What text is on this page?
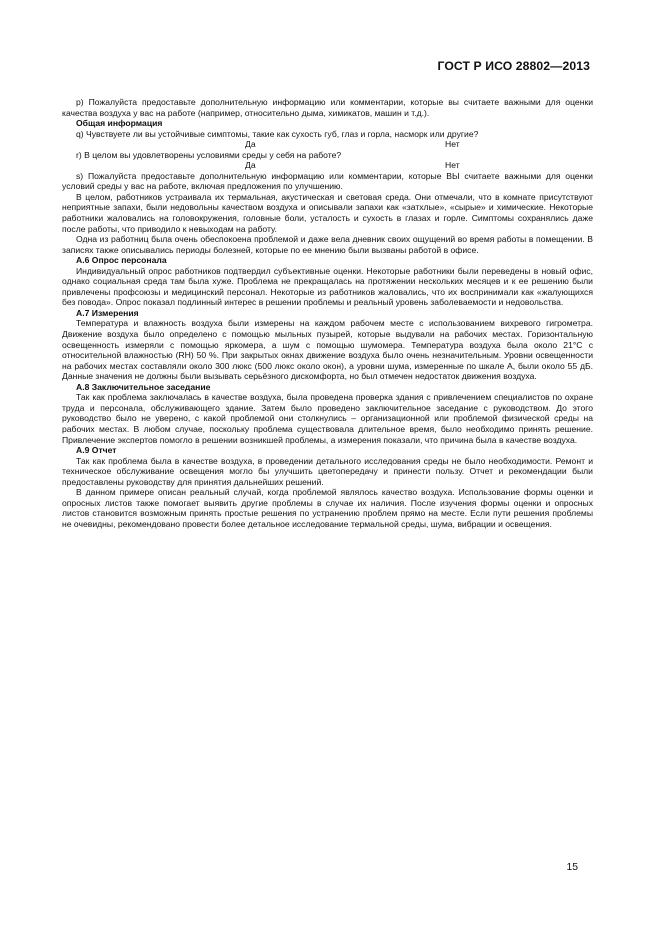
ГОСТ Р ИСО 28802—2013

р) Пожалуйста предоставьте дополнительную информацию или комментарии, которые вы считаете важными для оценки качества воздуха у вас на работе (например, относительно дыма, химикатов, машин и т.д.).

Общая информация

q) Чувствуете ли вы устойчивые симптомы, такие как сухость губ, глаз и горла, насморк или другие?

Да	Нет

r) В целом вы удовлетворены условиями среды у себя на работе?

Да	Нет

s) Пожалуйста предоставьте дополнительную информацию или комментарии, которые ВЫ считаете важными для оценки условий среды у вас на работе, включая предложения по улучшению.

В целом, работников устраивала их термальная, акустическая и световая среда. Они отмечали, что в комнате присутствуют неприятные запахи, были недовольны качеством воздуха и описывали запахи как «затхлые», «сырые» и химические. Некоторые работники жаловались на головокружения, головные боли, усталость и сухость в глазах и горле. Симптомы сохранялись даже после работы, что приводило к невыходам на работу.

Одна из работниц была очень обеспокоена проблемой и даже вела дневник своих ощущений во время работы в помещении. В записях также описывались периоды болезней, которые по ее мнению были вызваны работой в офисе.

А.6 Опрос персонала

Индивидуальный опрос работников подтвердил субъективные оценки. Некоторые работники были переведены в новый офис, однако социальная среда там была хуже. Проблема не прекращалась на протяжении нескольких месяцев и к ее решению были привлечены профсоюзы и медицинский персонал. Некоторые из работников жаловались, что их воспринимали как «жалующихся без повода». Опрос показал подлинный интерес в решении проблемы и реальный уровень заболеваемости и недовольства.

А.7 Измерения

Температура и влажность воздуха были измерены на каждом рабочем месте с использованием вихревого гигрометра. Движение воздуха было определено с помощью мыльных пузырей, которые выдували на рабочих местах. Горизонтальную освещенность измеряли с помощью яркомера, а шум с помощью шумомера. Температура воздуха была около 21°С с относительной влажностью (RH) 50 %. При закрытых окнах движение воздуха было очень незначительным. Уровни освещенности на рабочих местах составляли около 300 люкс (500 люкс около окон), а уровни шума, измеренные по шкале А, были около 55 дБ. Данные значения не должны были вызывать серьёзного дискомфорта, но был отмечен недостаток движения воздуха.

А.8 Заключительное заседание

Так как проблема заключалась в качестве воздуха, была проведена проверка здания с привлечением специалистов по охране труда и персонала, обслуживающего здание. Затем было проведено заключительное заседание с руководством. До этого руководство было не уверено, с какой проблемой они столкнулись – организационной или проблемой физической среды на рабочих местах. В любом случае, поскольку проблема существовала длительное время, было необходимо принять решение. Привлечение экспертов помогло в решении возникшей проблемы, а измерения показали, что причина была в качестве воздуха.

А.9 Отчет

Так как проблема была в качестве воздуха, в проведении детального исследования среды не было необходимости. Ремонт и техническое обслуживание освещения могло бы улучшить цветопередачу и принести пользу. Отчет и рекомендации были предоставлены руководству для принятия дальнейших решений.

В данном примере описан реальный случай, когда проблемой являлось качество воздуха. Использование формы оценки и опросных листов также помогает выявить другие проблемы в случае их наличия. После изучения формы оценки и опросных листов становится возможным принять простые решения по устранению проблем прямо на месте. Если пути решения проблемы не очевидны, рекомендовано провести более детальное исследование термальной среды, шума, вибрации и освещения.

15
